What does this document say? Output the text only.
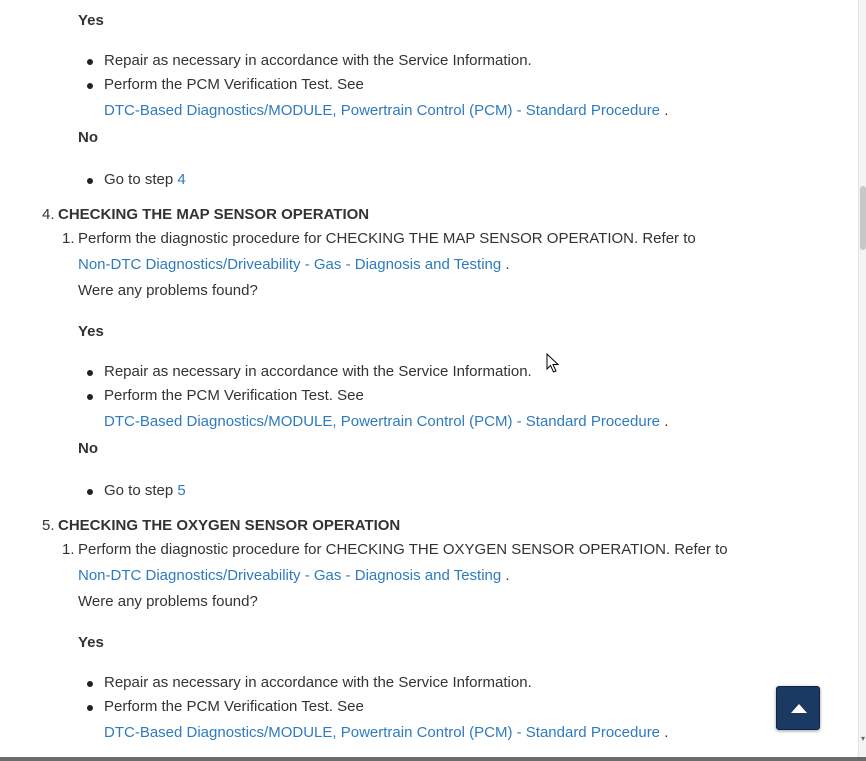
Yes
Repair as necessary in accordance with the Service Information.
Perform the PCM Verification Test. See
DTC-Based Diagnostics/MODULE, Powertrain Control (PCM) - Standard Procedure .
No
Go to step 4
4. CHECKING THE MAP SENSOR OPERATION
1. Perform the diagnostic procedure for CHECKING THE MAP SENSOR OPERATION. Refer to
Non-DTC Diagnostics/Driveability - Gas - Diagnosis and Testing .
Were any problems found?
Yes
Repair as necessary in accordance with the Service Information.
Perform the PCM Verification Test. See
DTC-Based Diagnostics/MODULE, Powertrain Control (PCM) - Standard Procedure .
No
Go to step 5
5. CHECKING THE OXYGEN SENSOR OPERATION
1. Perform the diagnostic procedure for CHECKING THE OXYGEN SENSOR OPERATION. Refer to
Non-DTC Diagnostics/Driveability - Gas - Diagnosis and Testing .
Were any problems found?
Yes
Repair as necessary in accordance with the Service Information.
Perform the PCM Verification Test. See
DTC-Based Diagnostics/MODULE, Powertrain Control (PCM) - Standard Procedure .	▾
